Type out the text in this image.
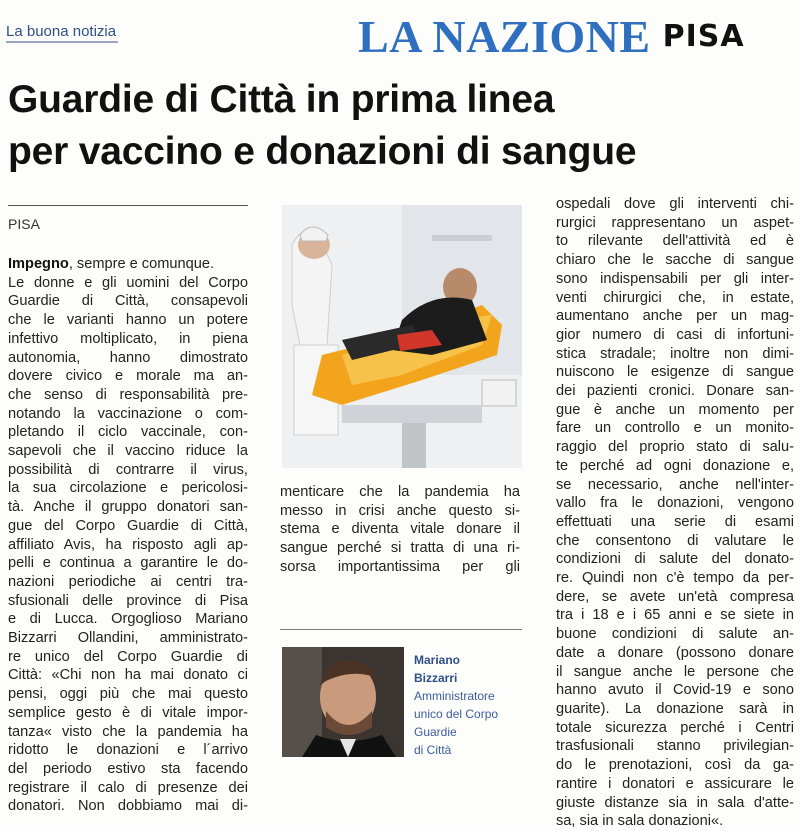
La buona notizia	LA NAZIONE PISA
Guardie di Città in prima linea
per vaccino e donazioni di sangue
PISA
Impegno, sempre e comunque.
Le donne e gli uomini del Corpo
Guardie di Città, consapevoli
che le varianti hanno un potere
infettivo moltiplicato, in piena
autonomia, hanno dimostrato
dovere civico e morale ma an-
che senso di responsabilità pre-
notando la vaccinazione o com-
pletando il ciclo vaccinale, con-
sapevoli che il vaccino riduce la
possibilità di contrarre il virus,
la sua circolazione e pericolosi-
tà. Anche il gruppo donatori san-
gue del Corpo Guardie di Città,
affiliato Avis, ha risposto agli ap-
pelli e continua a garantire le do-
nazioni periodiche ai centri tra-
sfusionali delle province di Pisa
e di Lucca. Orgoglioso Mariano
Bizzarri Ollandini, amministrato-
re unico del Corpo Guardie di
Città: «Chi non ha mai donato ci
pensi, oggi più che mai questo
semplice gesto è di vitale impor-
tanza« visto che la pandemia ha
ridotto le donazioni e l´arrivo
del periodo estivo sta facendo
registrare il calo di presenze dei
donatori. Non dobbiamo mai di-
menticare che la pandemia ha
messo in crisi anche questo si-
stema e diventa vitale donare il
sangue perché si tratta di una ri-
sorsa importantissima per gli
Mariano
Bizzarri
Amministratore
unico del Corpo
Guardie
di Città
ospedali dove gli interventi chi-
rurgici rappresentano un aspet-
to rilevante dell'attività ed è
chiaro che le sacche di sangue
sono indispensabili per gli inter-
venti chirurgici che, in estate,
aumentano anche per un mag-
gior numero di casi di infortuni-
stica stradale; inoltre non dimi-
nuiscono le esigenze di sangue
dei pazienti cronici. Donare san-
gue è anche un momento per
fare un controllo e un monito-
raggio del proprio stato di salu-
te perché ad ogni donazione e,
se necessario, anche nell'inter-
vallo fra le donazioni, vengono
effettuati una serie di esami
che consentono di valutare le
condizioni di salute del donato-
re. Quindi non c'è tempo da per-
dere, se avete un'età compresa
tra i 18 e i 65 anni e se siete in
buone condizioni di salute an-
date a donare (possono donare
il sangue anche le persone che
hanno avuto il Covid-19 e sono
guarite). La donazione sarà in
totale sicurezza perché i Centri
trasfusionali stanno privilegian-
do le prenotazioni, così da ga-
rantire i donatori e assicurare le
giuste distanze sia in sala d'atte-
sa, sia in sala donazioni«.
